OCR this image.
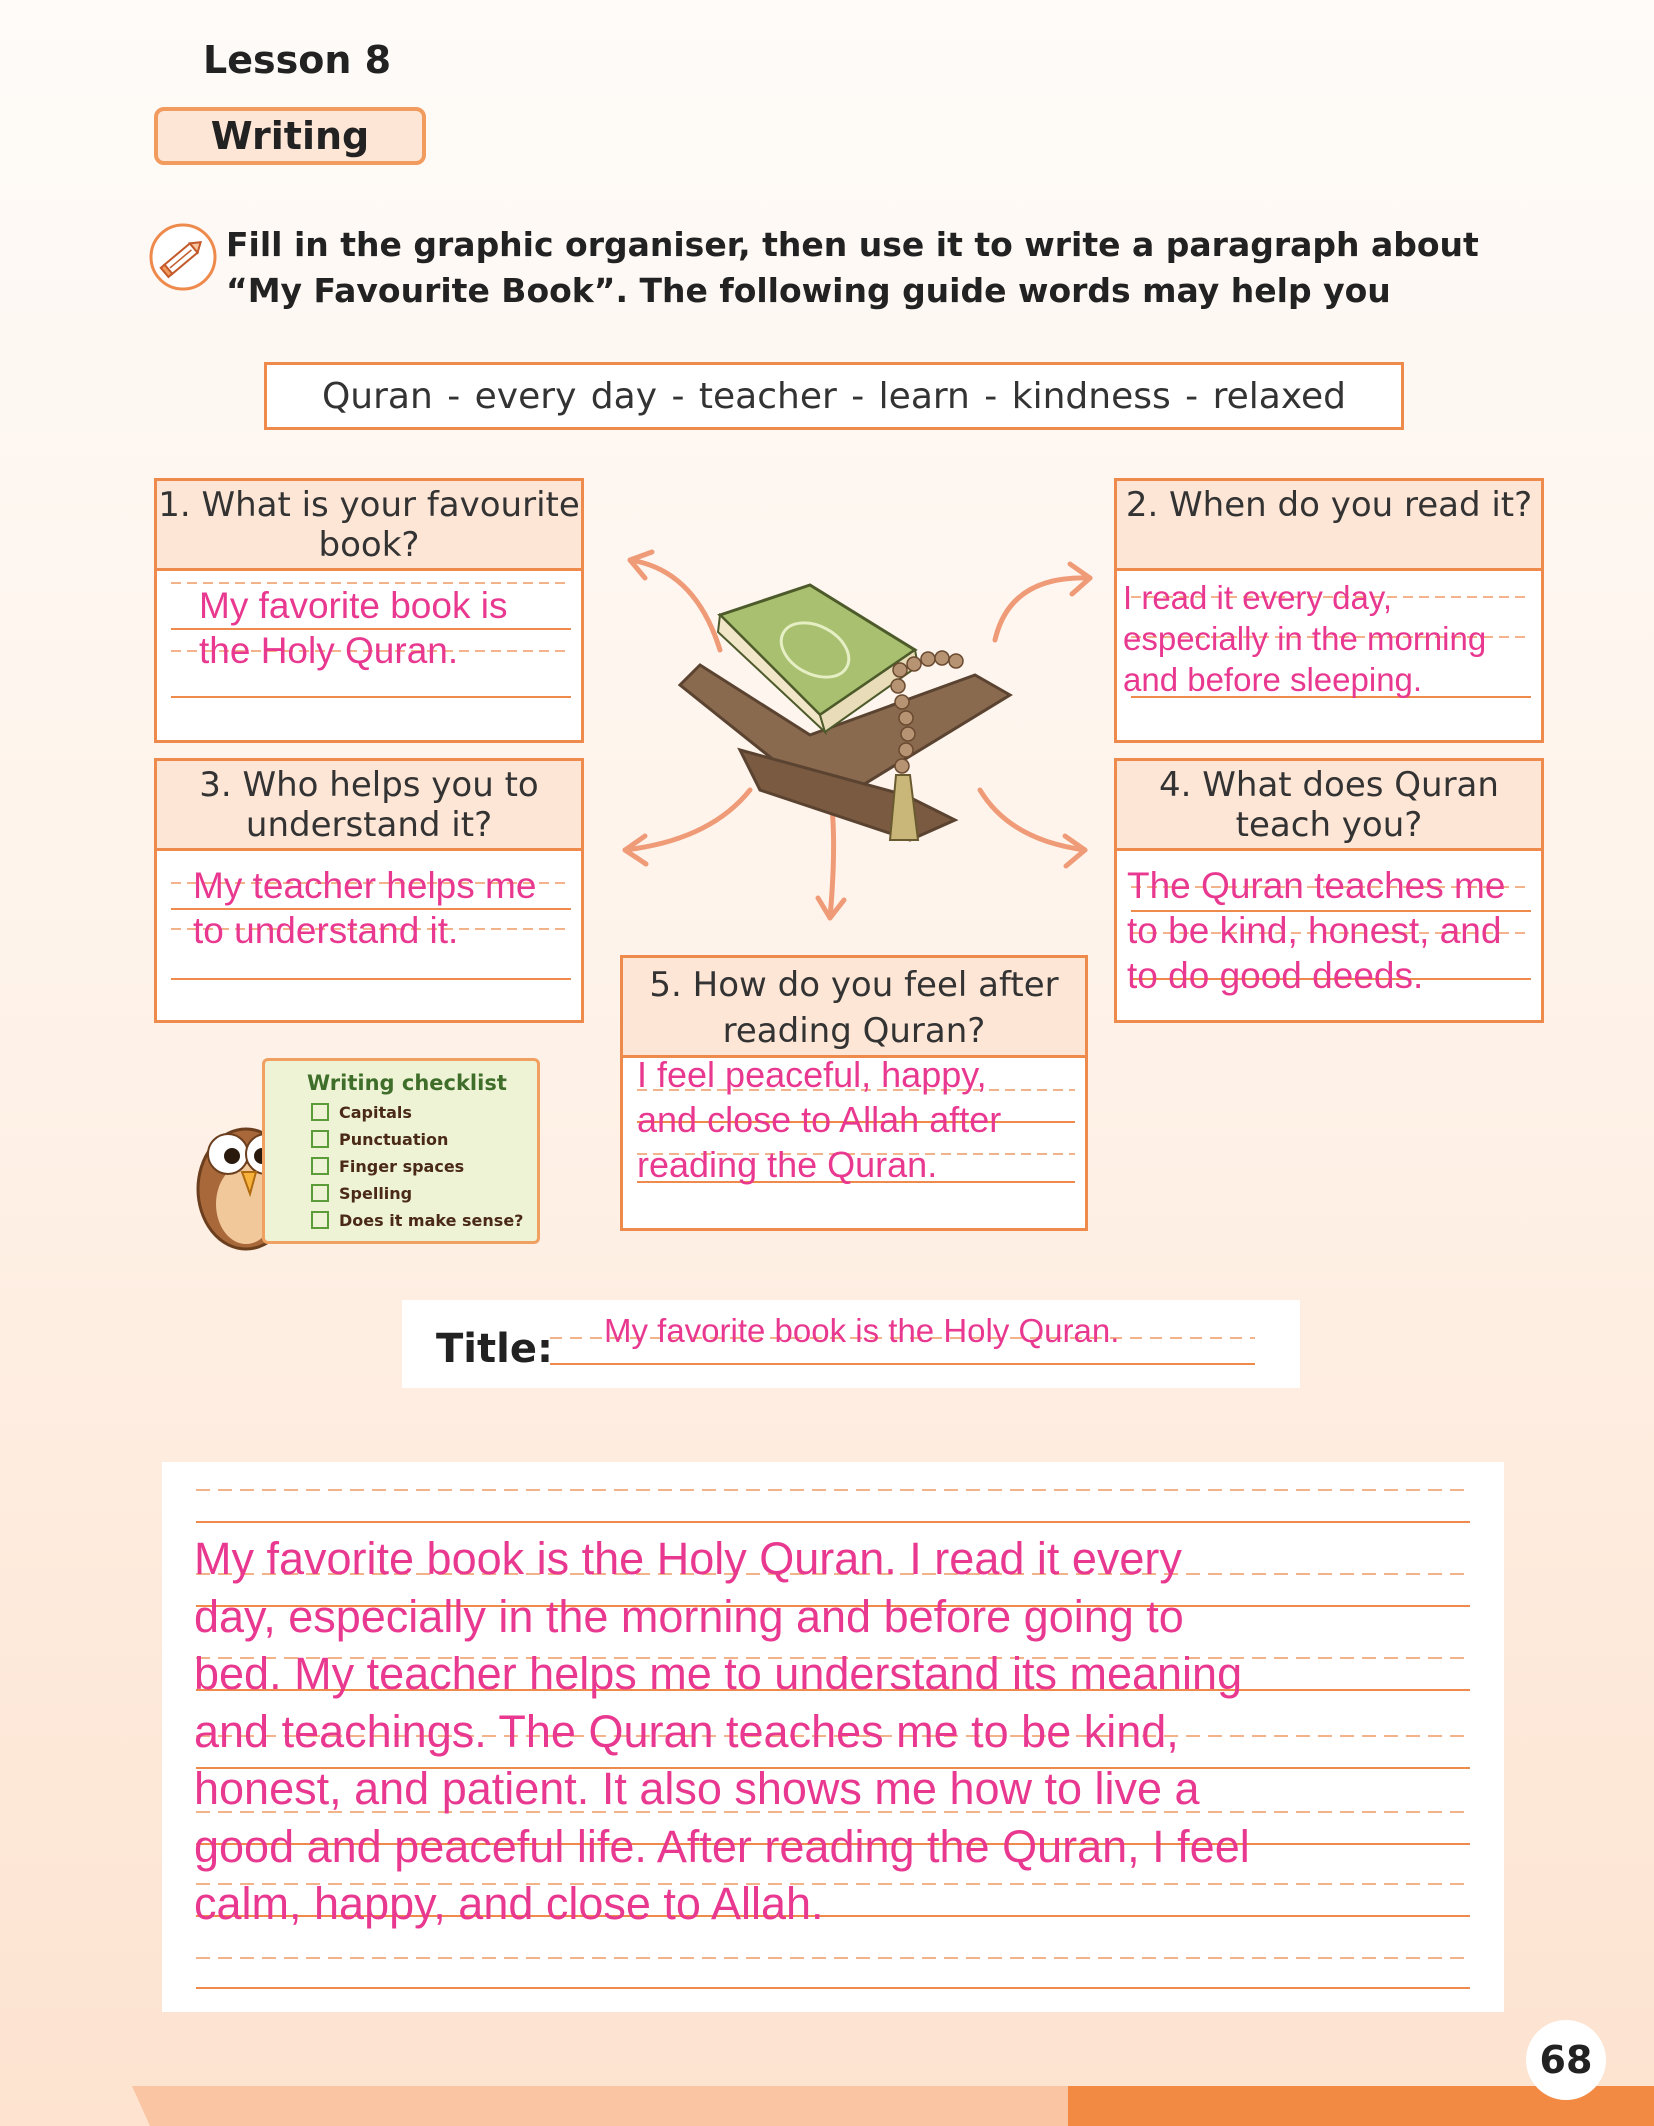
Lesson 8
Writing
Fill in the graphic organiser, then use it to write a paragraph about “My Favourite Book”. The following guide words may help you
Quran - every day - teacher - learn - kindness - relaxed
1. What is your favourite book?
My favorite book is
the Holy Quran.
2. When do you read it?
I read it every day,
especially in the morning
and before sleeping.
3. Who helps you to understand it?
My teacher helps me
to understand it.
4. What does Quran teach you?
The Quran teaches me
to be kind, honest, and
to do good deeds.
5. How do you feel after reading Quran?
I feel peaceful, happy,
and close to Allah after
reading the Quran.
Writing checklist
Capitals
Punctuation
Finger spaces
Spelling
Does it make sense?
Title: My favorite book is the Holy Quran.
My favorite book is the Holy Quran. I read it every
day, especially in the morning and before going to
bed. My teacher helps me to understand its meaning
and teachings. The Quran teaches me to be kind,
honest, and patient. It also shows me how to live a
good and peaceful life. After reading the Quran, I feel
calm, happy, and close to Allah.
68
